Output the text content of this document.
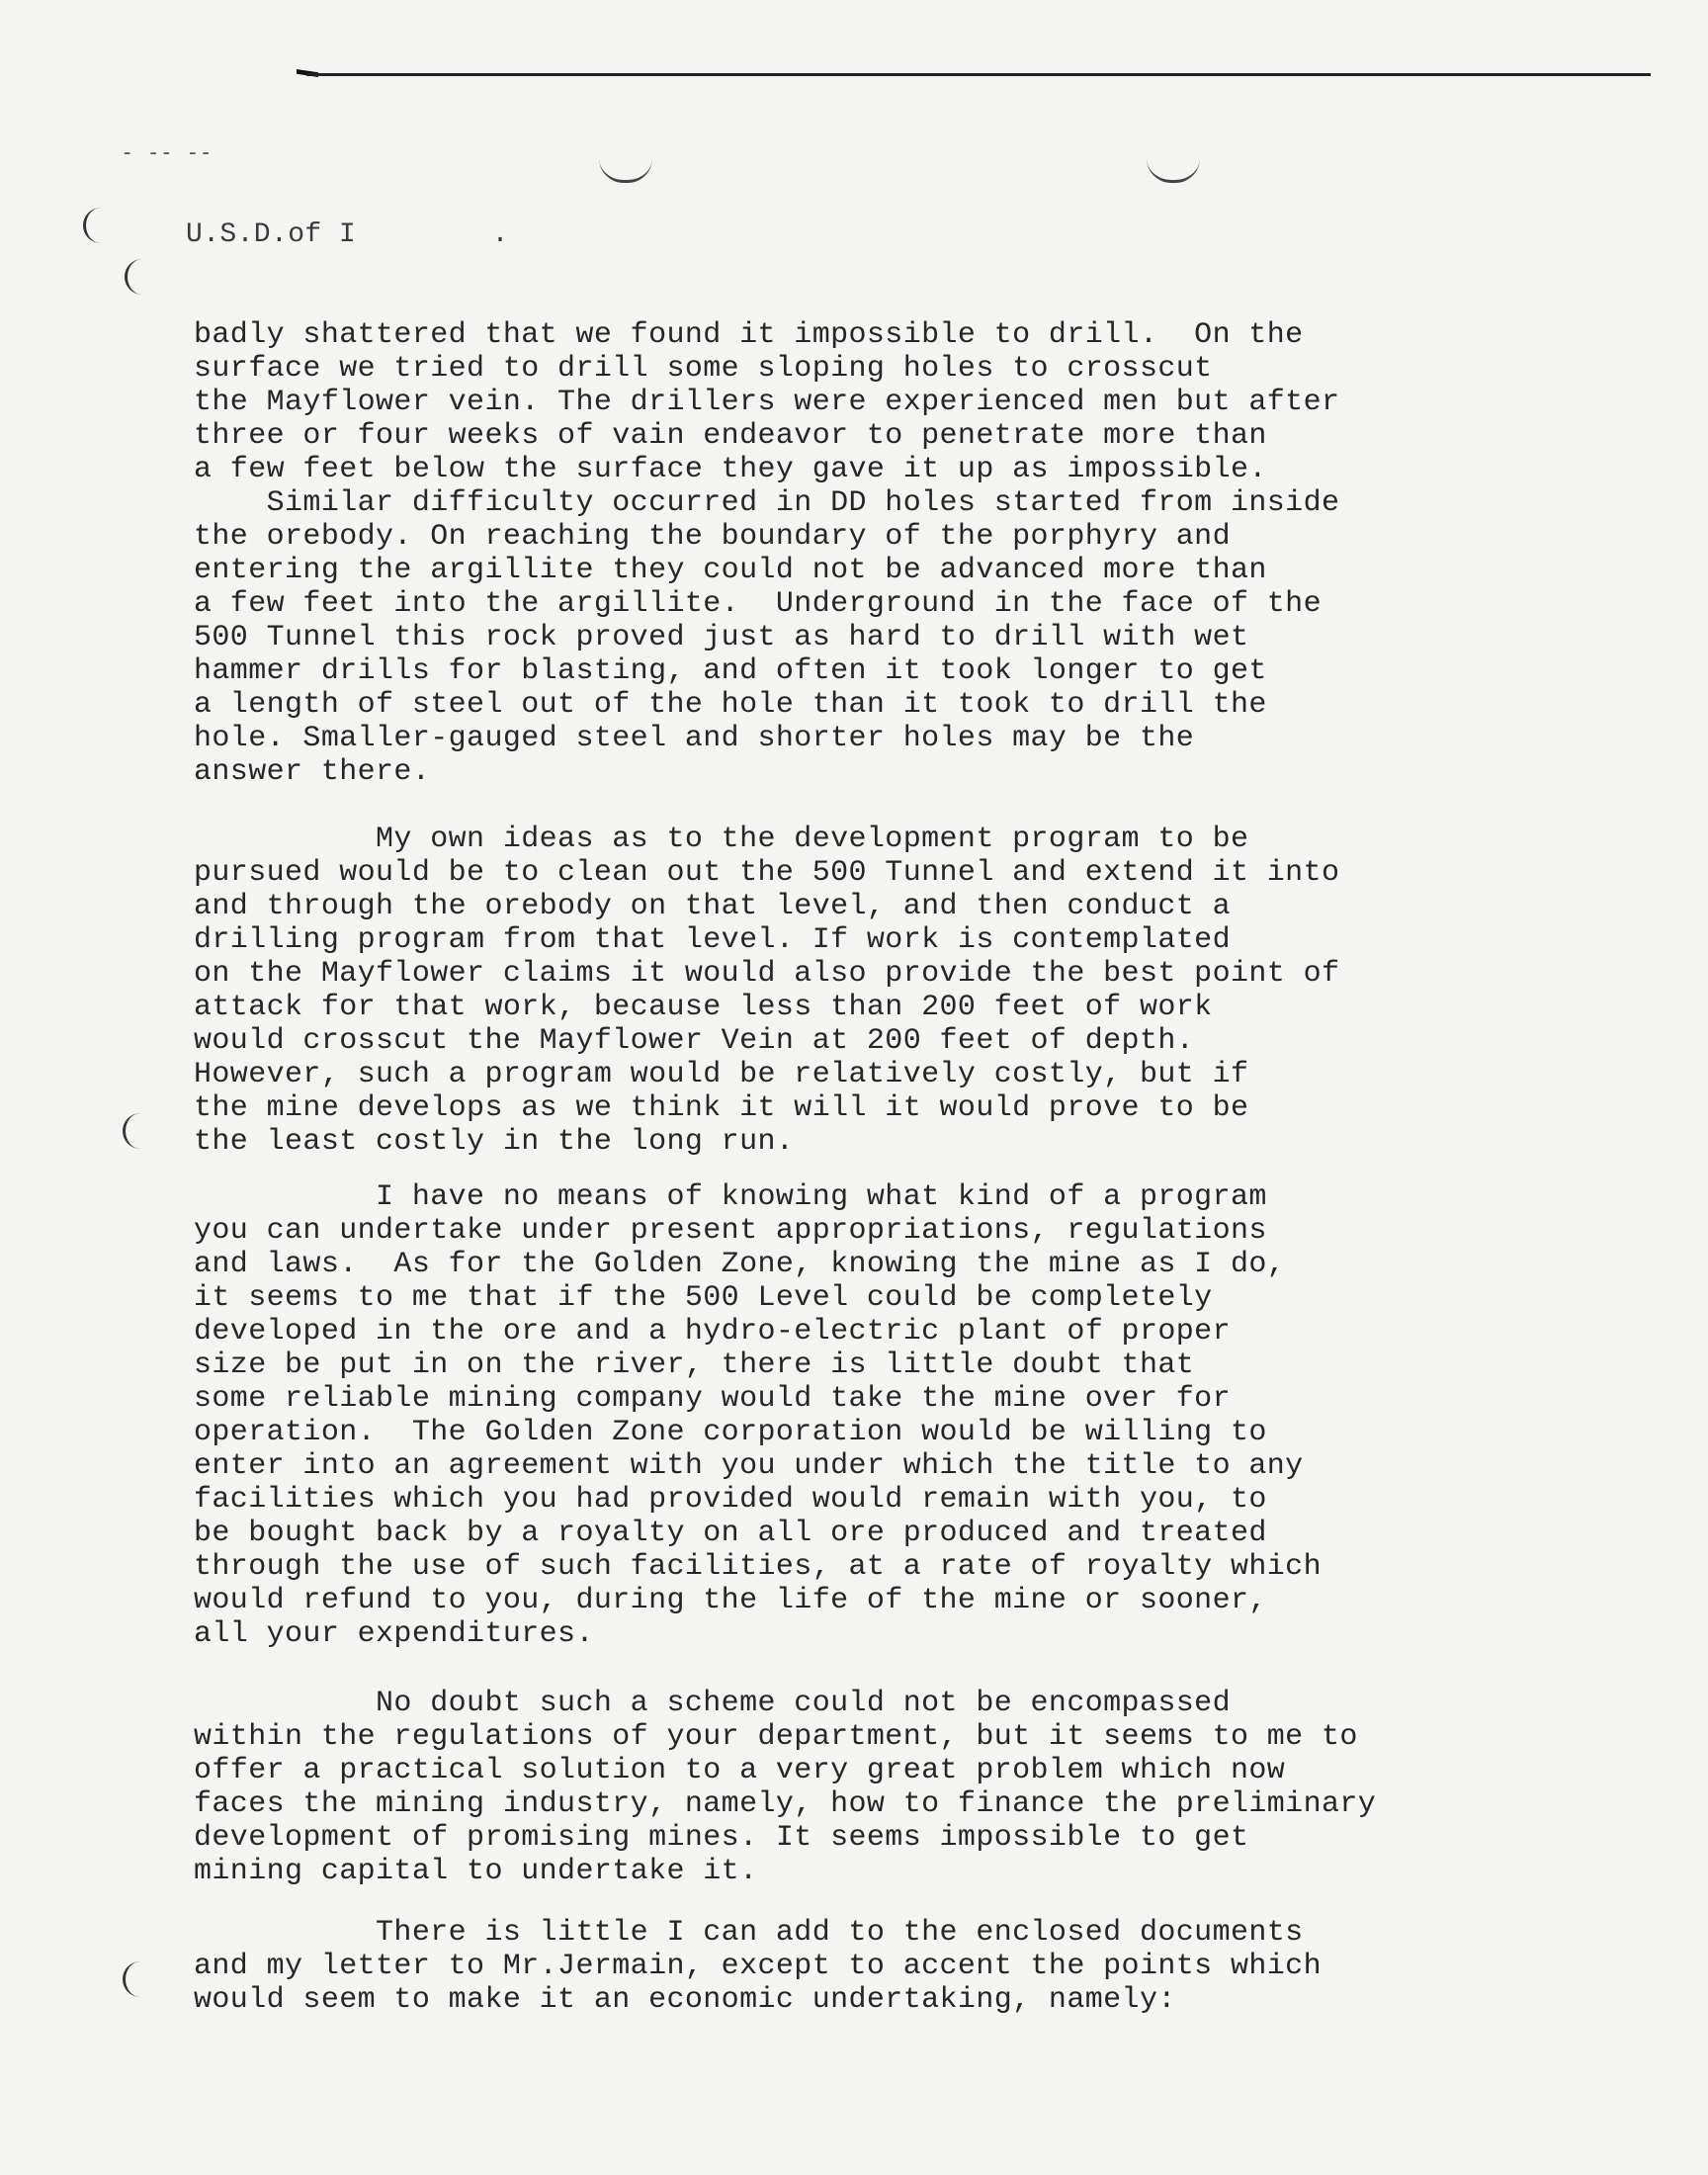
- -- --
U.S.D.of I	.
badly shattered that we found it impossible to drill.  On the
surface we tried to drill some sloping holes to crosscut
the Mayflower vein. The drillers were experienced men but after
three or four weeks of vain endeavor to penetrate more than
a few feet below the surface they gave it up as impossible.
Similar difficulty occurred in DD holes started from inside
the orebody. On reaching the boundary of the porphyry and
entering the argillite they could not be advanced more than
a few feet into the argillite.  Underground in the face of the
500 Tunnel this rock proved just as hard to drill with wet
hammer drills for blasting, and often it took longer to get
a length of steel out of the hole than it took to drill the
hole. Smaller-gauged steel and shorter holes may be the
answer there.
My own ideas as to the development program to be
pursued would be to clean out the 500 Tunnel and extend it into
and through the orebody on that level, and then conduct a
drilling program from that level. If work is contemplated
on the Mayflower claims it would also provide the best point of
attack for that work, because less than 200 feet of work
would crosscut the Mayflower Vein at 200 feet of depth.
However, such a program would be relatively costly, but if
the mine develops as we think it will it would prove to be
the least costly in the long run.
I have no means of knowing what kind of a program
you can undertake under present appropriations, regulations
and laws.  As for the Golden Zone, knowing the mine as I do,
it seems to me that if the 500 Level could be completely
developed in the ore and a hydro-electric plant of proper
size be put in on the river, there is little doubt that
some reliable mining company would take the mine over for
operation.  The Golden Zone corporation would be willing to
enter into an agreement with you under which the title to any
facilities which you had provided would remain with you, to
be bought back by a royalty on all ore produced and treated
through the use of such facilities, at a rate of royalty which
would refund to you, during the life of the mine or sooner,
all your expenditures.
No doubt such a scheme could not be encompassed
within the regulations of your department, but it seems to me to
offer a practical solution to a very great problem which now
faces the mining industry, namely, how to finance the preliminary
development of promising mines. It seems impossible to get
mining capital to undertake it.
There is little I can add to the enclosed documents
and my letter to Mr.Jermain, except to accent the points which
would seem to make it an economic undertaking, namely:
